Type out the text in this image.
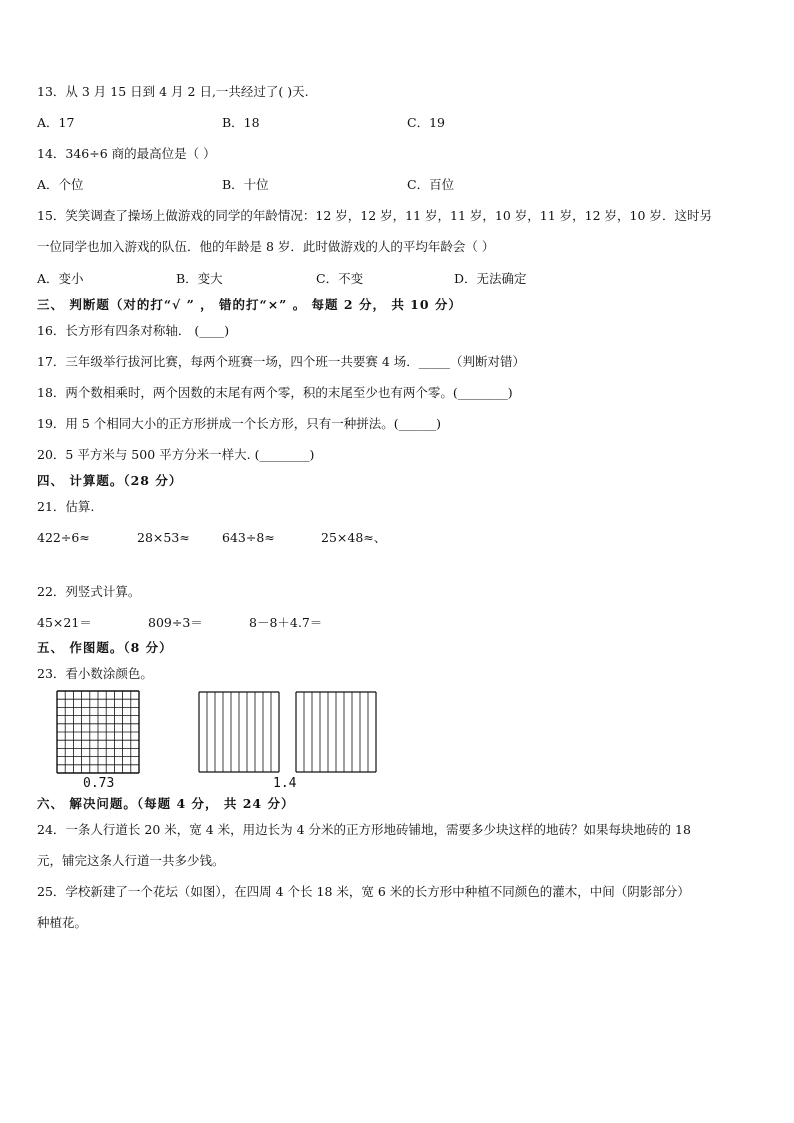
13．从 3 月 15 日到 4 月 2 日,一共经过了( )天.
A．17	B．18	C．19
14．346÷6 商的最高位是（ ）
A．个位	B．十位	C．百位
15．笑笑调查了操场上做游戏的同学的年龄情况：12 岁，12 岁，11 岁，11 岁，10 岁，11 岁，12 岁，10 岁．这时另
一位同学也加入游戏的队伍．他的年龄是 8 岁．此时做游戏的人的平均年龄会（ ）
A．变小	B．变大	C．不变	D．无法确定
三、 判断题（对的打“√ ” ， 错的打“×” 。 每题 2 分， 共 10 分）
16．长方形有四条对称轴． (____)
17．三年级举行拔河比赛，每两个班赛一场，四个班一共要赛 4 场．_____（判断对错）
18．两个数相乘时，两个因数的末尾有两个零，积的末尾至少也有两个零。(________)
19．用 5 个相同大小的正方形拼成一个长方形，只有一种拼法。(______)
20．5 平方米与 500 平方分米一样大. (________)
四、 计算题。（28 分）
21．估算.
422÷6≈	28×53≈	643÷8≈	25×48≈、
22．列竖式计算。
45×21＝	809÷3＝	8－8＋4.7＝
五、 作图题。（8 分）
23．看小数涂颜色。
0.73	1.4
六、 解决问题。（每题 4 分， 共 24 分）
24．一条人行道长 20 米，宽 4 米，用边长为 4 分米的正方形地砖铺地，需要多少块这样的地砖？如果每块地砖的 18
元，铺完这条人行道一共多少钱。
25．学校新建了一个花坛（如图），在四周 4 个长 18 米，宽 6 米的长方形中种植不同颜色的灌木，中间（阴影部分）
种植花。
